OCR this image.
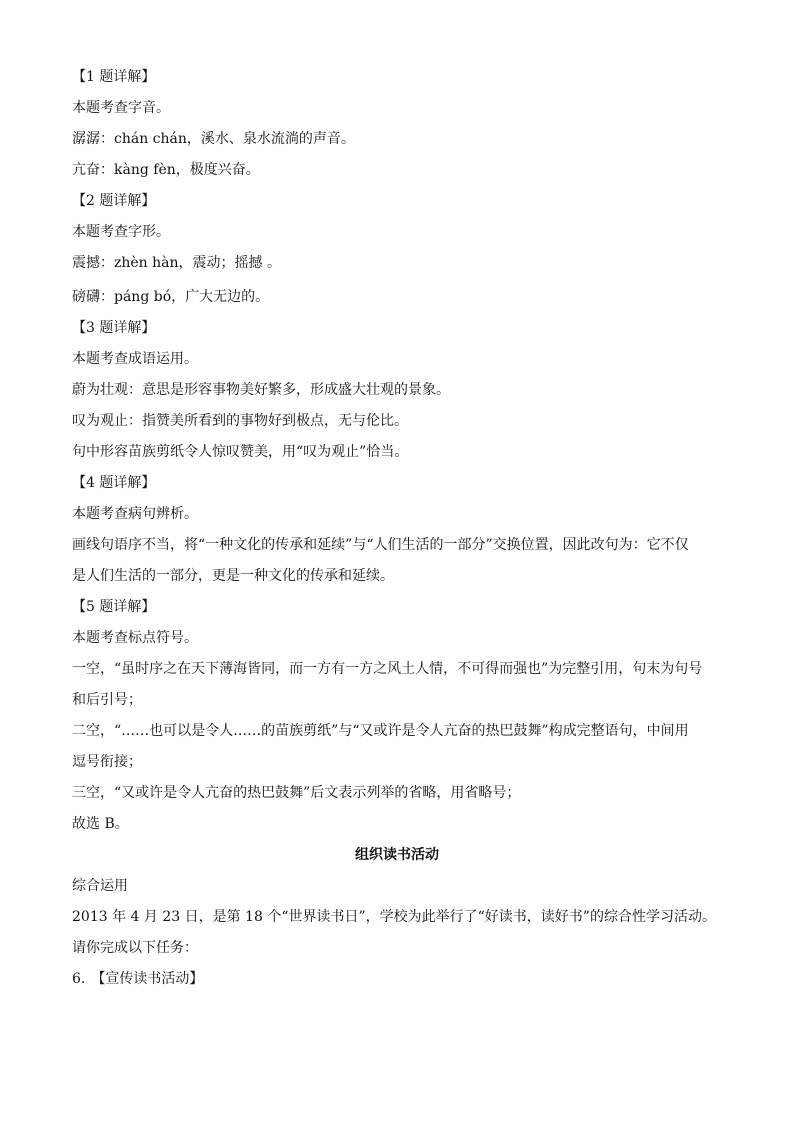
【1 题详解】
本题考查字音。
潺潺：chán chán，溪水、泉水流淌的声音。
亢奋：kàng fèn，极度兴奋。
【2 题详解】
本题考查字形。
震撼：zhèn hàn，震动；摇撼 。
磅礴：páng bó，广大无边的。
【3 题详解】
本题考查成语运用。
蔚为壮观：意思是形容事物美好繁多，形成盛大壮观的景象。
叹为观止：指赞美所看到的事物好到极点，无与伦比。
句中形容苗族剪纸令人惊叹赞美，用“叹为观止”恰当。
【4 题详解】
本题考查病句辨析。
画线句语序不当，将“一种文化的传承和延续”与“人们生活的一部分”交换位置，因此改句为：它不仅
是人们生活的一部分，更是一种文化的传承和延续。
【5 题详解】
本题考查标点符号。
一空，“虽时序之在天下薄海皆同，而一方有一方之风土人情，不可得而强也”为完整引用，句末为句号
和后引号；
二空，“……也可以是令人……的苗族剪纸”与“又或许是令人亢奋的热巴鼓舞”构成完整语句，中间用
逗号衔接；
三空，“又或许是令人亢奋的热巴鼓舞”后文表示列举的省略，用省略号；
故选 B。
组织读书活动
综合运用
2013 年 4 月 23 日，是第 18 个“世界读书日”，学校为此举行了“好读书，读好书”的综合性学习活动。
请你完成以下任务：
6. 【宣传读书活动】
